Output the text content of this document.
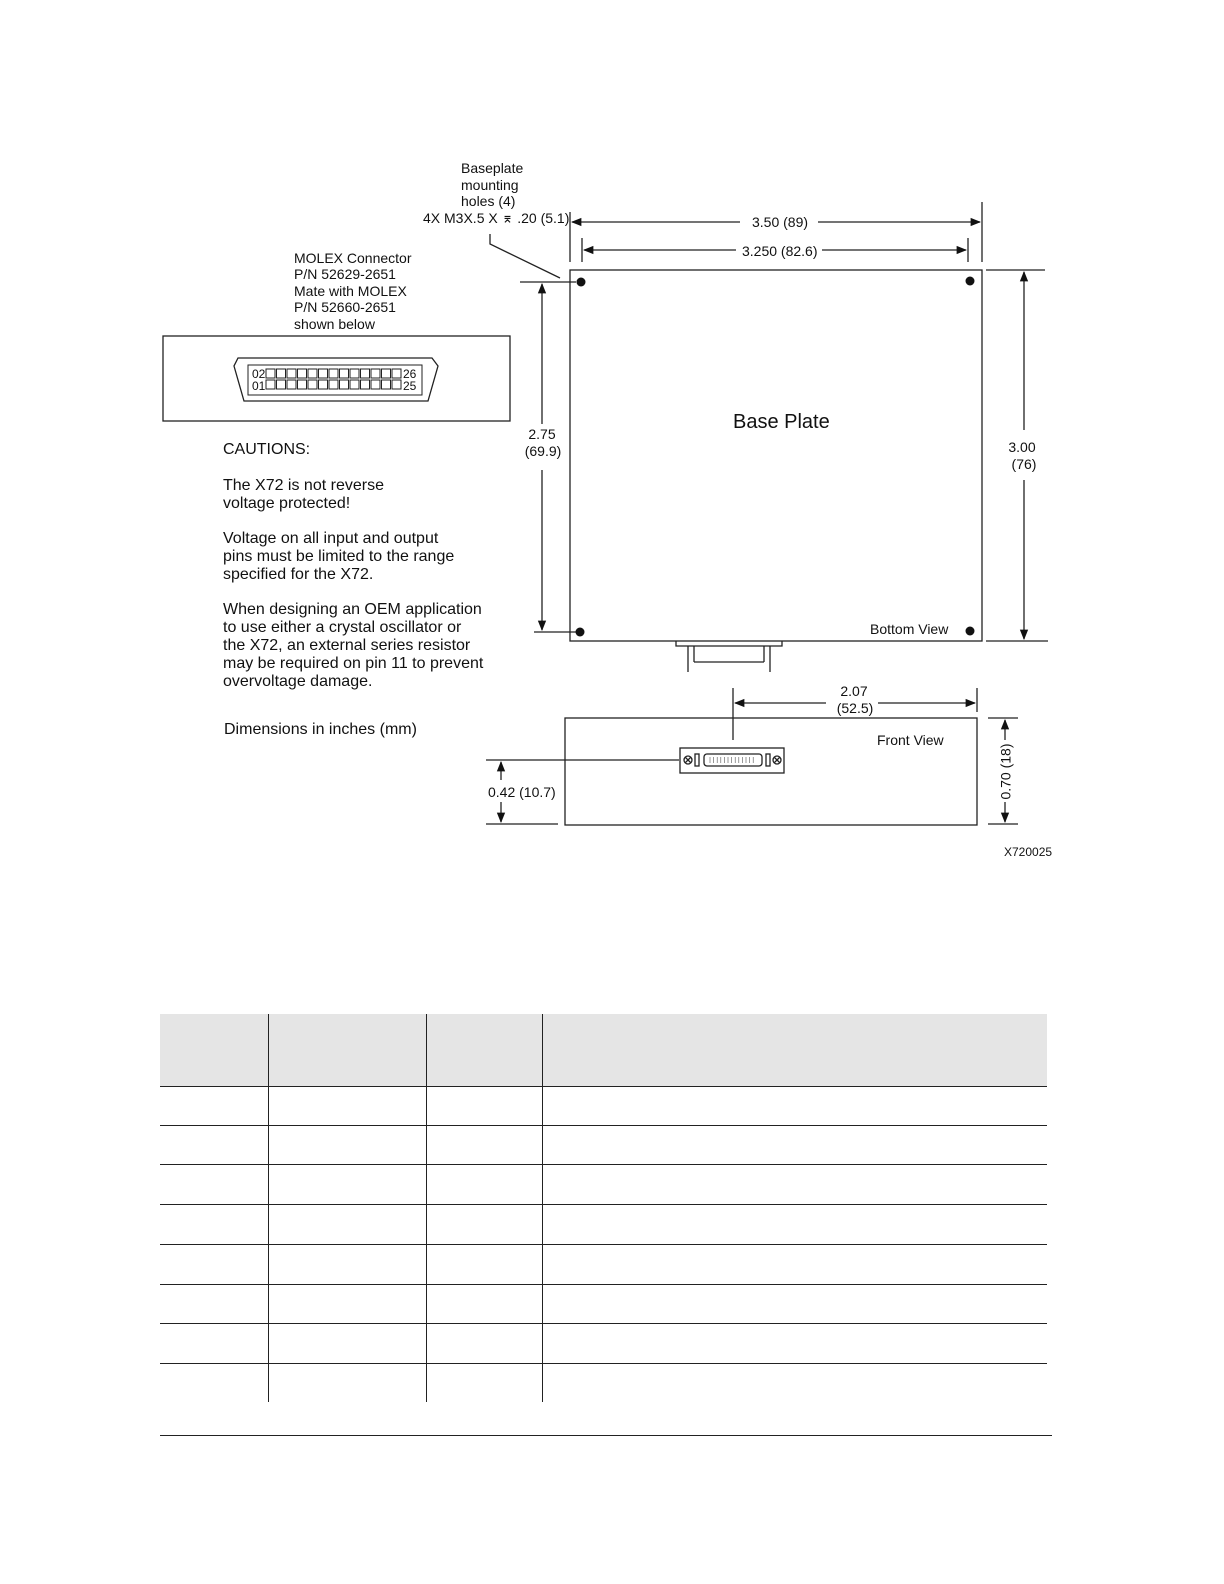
Baseplate
mounting
holes (4)
4X M3X.5 X ⌆ .20 (5.1)	3.50 (89)
3.250 (82.6)
MOLEX Connector
P/N 52629-2651
Mate with MOLEX
P/N 52660-2651
shown below
02
01
26
25
Base Plate
2.75
(69.9)	3.00
(76)
Bottom View
CAUTIONS:
The X72 is not reverse
voltage protected!
Voltage on all input and output
pins must be limited to the range
specified for the X72.
When designing an OEM application
to use either a crystal oscillator or
the X72, an external series resistor
may be required on pin 11 to prevent
overvoltage damage.
Dimensions in inches (mm)
2.07
(52.5)
Front View
0.42 (10.7)	0.70 (18)
X720025
